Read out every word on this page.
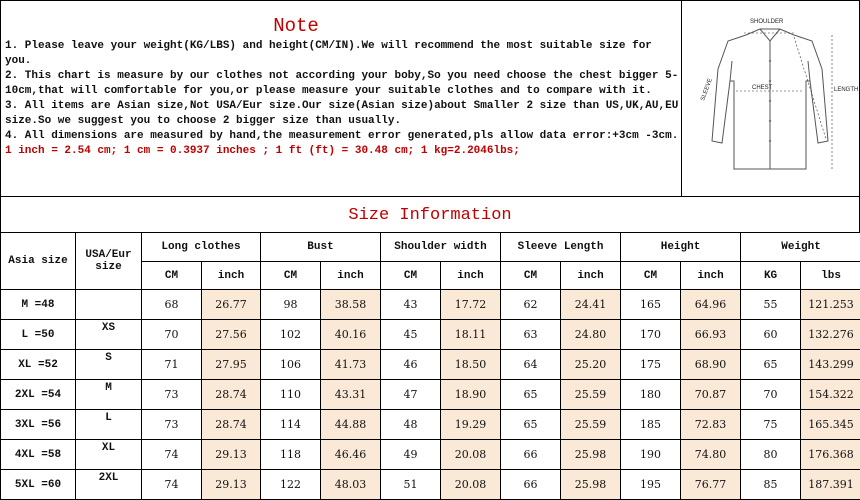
Note

1. Please leave your weight(KG/LBS) and height(CM/IN).We will recommend the most suitable size for you.

2. This chart is measure by our clothes not according your boby,So you need choose the chest bigger 5-10cm,that will comfortable for you,or please measure your suitable clothes and to compare with it.

3. All items are Asian size,Not USA/Eur size.Our size(Asian size)about Smaller 2 size than US,UK,AU,EU size.So we suggest you to choose 2 bigger size than usually.

4. All dimensions are measured by hand,the measurement error generated,pls allow data error:+3cm -3cm.

1 inch = 2.54 cm; 1 cm = 0.3937 inches ; 1 ft (ft) = 30.48 cm; 1 kg=2.2046lbs;

SHOULDER
CHEST	LENGTH
SLEEVE
Size Information
Asia size	USA/Eur size	Long clothes		Bust		Shoulder width		Sleeve Length		Height		Weight	
		CM	inch	CM	inch	CM	inch	CM	inch	CM	inch	KG	lbs
M =48		68	26.77	98	38.58	43	17.72	62	24.41	165	64.96	55	121.253
L =50	XS	70	27.56	102	40.16	45	18.11	63	24.80	170	66.93	60	132.276
XL =52	S	71	27.95	106	41.73	46	18.50	64	25.20	175	68.90	65	143.299
2XL =54	M	73	28.74	110	43.31	47	18.90	65	25.59	180	70.87	70	154.322
3XL =56	L	73	28.74	114	44.88	48	19.29	65	25.59	185	72.83	75	165.345
4XL =58	XL	74	29.13	118	46.46	49	20.08	66	25.98	190	74.80	80	176.368
5XL =60	2XL	74	29.13	122	48.03	51	20.08	66	25.98	195	76.77	85	187.391
